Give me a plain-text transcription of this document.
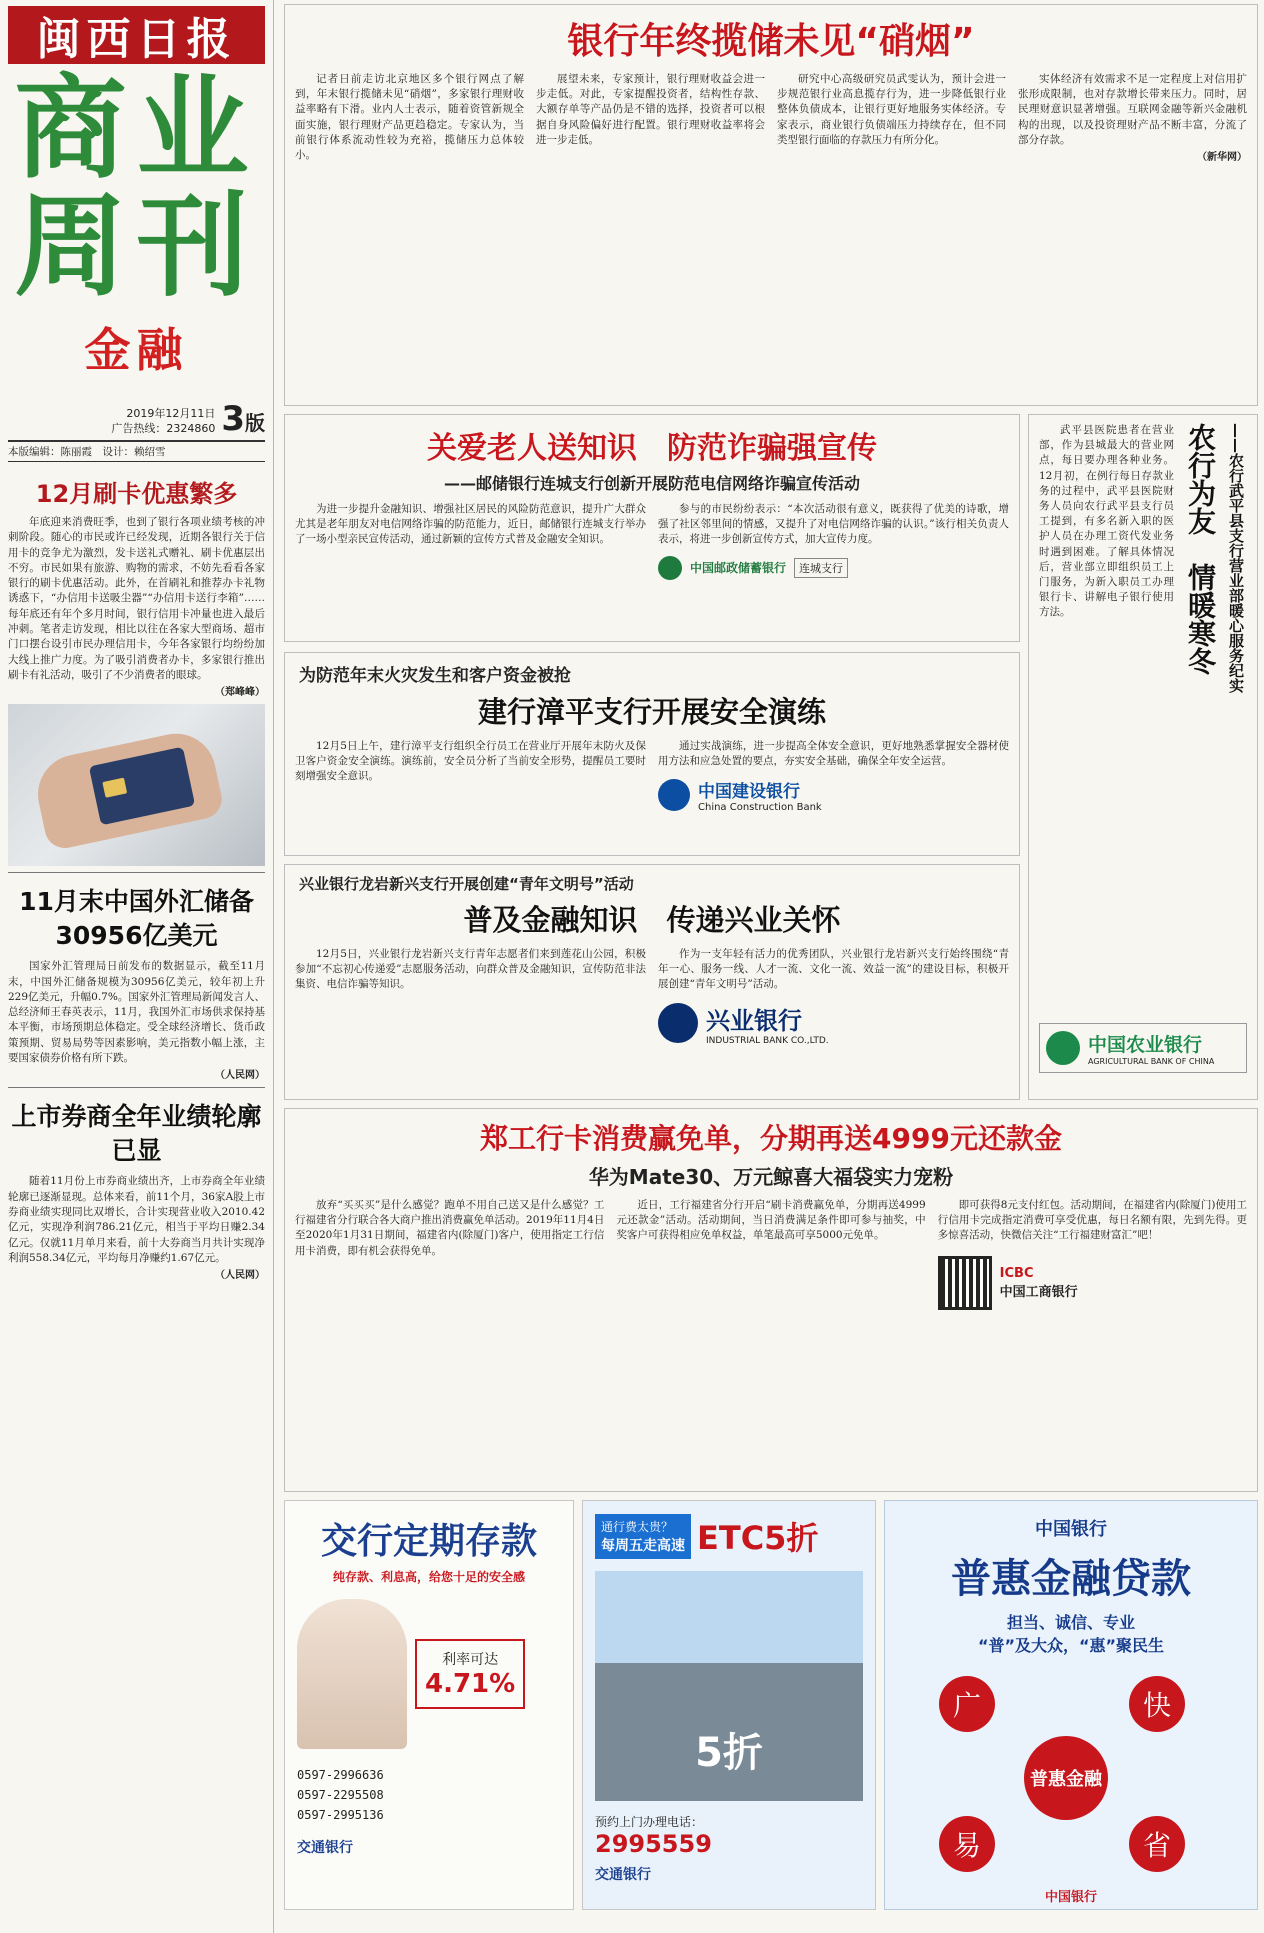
闽西日报
商业周刊
金融
2019年12月11日
广告热线：2324860 3版
本版编辑：陈丽霞　设计：赖绍雪
12月刷卡优惠繁多
年底迎来消费旺季，也到了银行各项业绩考核的冲刺阶段。随心的市民或许已经发现，近期各银行关于信用卡的竞争尤为激烈，发卡送礼式赠礼、刷卡优惠层出不穷。市民如果有旅游、购物的需求，不妨先看看各家银行的刷卡优惠活动。此外，在首刷礼和推荐办卡礼物诱惑下，“办信用卡送吸尘器”“办信用卡送行李箱”……每年底还有年个多月时间，银行信用卡冲量也进入最后冲刺。笔者走访发现，相比以往在各家大型商场、超市门口摆台设引市民办理信用卡，今年各家银行均纷纷加大线上推广力度。为了吸引消费者办卡，多家银行推出刷卡有礼活动，吸引了不少消费者的眼球。
（郑峰峰）
11月末中国外汇储备30956亿美元
国家外汇管理局日前发布的数据显示，截至11月末，中国外汇储备规模为30956亿美元，较年初上升229亿美元，升幅0.7%。国家外汇管理局新闻发言人、总经济师王春英表示，11月，我国外汇市场供求保持基本平衡，市场预期总体稳定。受全球经济增长、货币政策预期、贸易局势等因素影响，美元指数小幅上涨，主要国家债券价格有所下跌。
（人民网）
上市券商全年业绩轮廓已显
随着11月份上市券商业绩出齐，上市券商全年业绩轮廓已逐渐显现。总体来看，前11个月，36家A股上市券商业绩实现同比双增长，合计实现营业收入2010.42亿元，实现净利润786.21亿元，相当于平均日赚2.34亿元。仅就11月单月来看，前十大券商当月共计实现净利润558.34亿元，平均每月净赚约1.67亿元。
（人民网）
银行年终揽储未见“硝烟”
记者日前走访北京地区多个银行网点了解到，年末银行揽储未见“硝烟”，多家银行理财收益率略有下滑。业内人士表示，随着资管新规全面实施，银行理财产品更趋稳定。专家认为，当前银行体系流动性较为充裕，揽储压力总体较小。
展望未来，专家预计，银行理财收益会进一步走低。对此，专家提醒投资者，结构性存款、大额存单等产品仍是不错的选择，投资者可以根据自身风险偏好进行配置。银行理财收益率将会进一步走低。
研究中心高级研究员武雯认为，预计会进一步规范银行业高息揽存行为，进一步降低银行业整体负债成本，让银行更好地服务实体经济。专家表示，商业银行负债端压力持续存在，但不同类型银行面临的存款压力有所分化。
实体经济有效需求不足一定程度上对信用扩张形成限制，也对存款增长带来压力。同时，居民理财意识显著增强。互联网金融等新兴金融机构的出现，以及投资理财产品不断丰富，分流了部分存款。
（新华网）
关爱老人送知识　防范诈骗强宣传
——邮储银行连城支行创新开展防范电信网络诈骗宣传活动
为进一步提升金融知识、增强社区居民的风险防范意识，提升广大群众尤其是老年朋友对电信网络诈骗的防范能力，近日，邮储银行连城支行举办了一场小型亲民宣传活动，通过新颖的宣传方式普及金融安全知识。
参与的市民纷纷表示：“本次活动很有意义，既获得了优美的诗歌，增强了社区邻里间的情感，又提升了对电信网络诈骗的认识。”该行相关负责人表示，将进一步创新宣传方式，加大宣传力度。
中国邮政储蓄银行	连城支行
为防范年末火灾发生和客户资金被抢
建行漳平支行开展安全演练
12月5日上午，建行漳平支行组织全行员工在营业厅开展年末防火及保卫客户资金安全演练。演练前，安全员分析了当前安全形势，提醒员工要时刻增强安全意识。
通过实战演练，进一步提高全体安全意识，更好地熟悉掌握安全器材使用方法和应急处置的要点，夯实安全基础，确保全年安全运营。
中国建设银行
China Construction Bank
兴业银行龙岩新兴支行开展创建“青年文明号”活动
普及金融知识　传递兴业关怀
12月5日，兴业银行龙岩新兴支行青年志愿者们来到莲花山公园，积极参加“不忘初心传递爱”志愿服务活动，向群众普及金融知识，宣传防范非法集资、电信诈骗等知识。
作为一支年轻有活力的优秀团队，兴业银行龙岩新兴支行始终围绕“青年一心、服务一线、人才一流、文化一流、效益一流”的建设目标，积极开展创建“青年文明号”活动。
兴业银行
INDUSTRIAL BANK CO.,LTD.
武平县医院患者在营业部，作为县城最大的营业网点，每日要办理各种业务。12月初，在例行每日存款业务的过程中，武平县医院财务人员向农行武平县支行员工提到，有多名新入职的医护人员在办理工资代发业务时遇到困难。了解具体情况后，营业部立即组织员工上门服务，为新入职员工办理银行卡、讲解电子银行使用方法。	农行为友　情暖寒冬 ——农行武平县支行营业部暖心服务纪实
中国农业银行
AGRICULTURAL BANK OF CHINA
郑工行卡消费赢免单，分期再送4999元还款金
华为Mate30、万元鲸喜大福袋实力宠粉
放弃“买买买”是什么感觉？跑单不用自己送又是什么感觉？工行福建省分行联合各大商户推出消费赢免单活动。2019年11月4日至2020年1月31日期间，福建省内(除厦门)客户，使用指定工行信用卡消费，即有机会获得免单。
近日，工行福建省分行开启“刷卡消费赢免单，分期再送4999元还款金”活动。活动期间，当日消费满足条件即可参与抽奖，中奖客户可获得相应免单权益，单笔最高可享5000元免单。
即可获得8元支付红包。活动期间，在福建省内(除厦门)使用工行信用卡完成指定消费可享受优惠，每日名额有限，先到先得。更多惊喜活动，快微信关注“工行福建财富汇”吧！
ICBC
中国工商银行
中国银行
普惠金融贷款
担当、诚信、专业
“普”及大众，“惠”聚民生
广	快
普惠金融
易	省
中国银行
交行定期存款
纯存款、利息高，给您十足的安全感
利率可达
4.71%
0597-2996636
0597-2295508
0597-2995136
交通银行
通行费太贵？
每周五走高速 ETC5折
5折
预约上门办理电话：
2995559
交通银行
